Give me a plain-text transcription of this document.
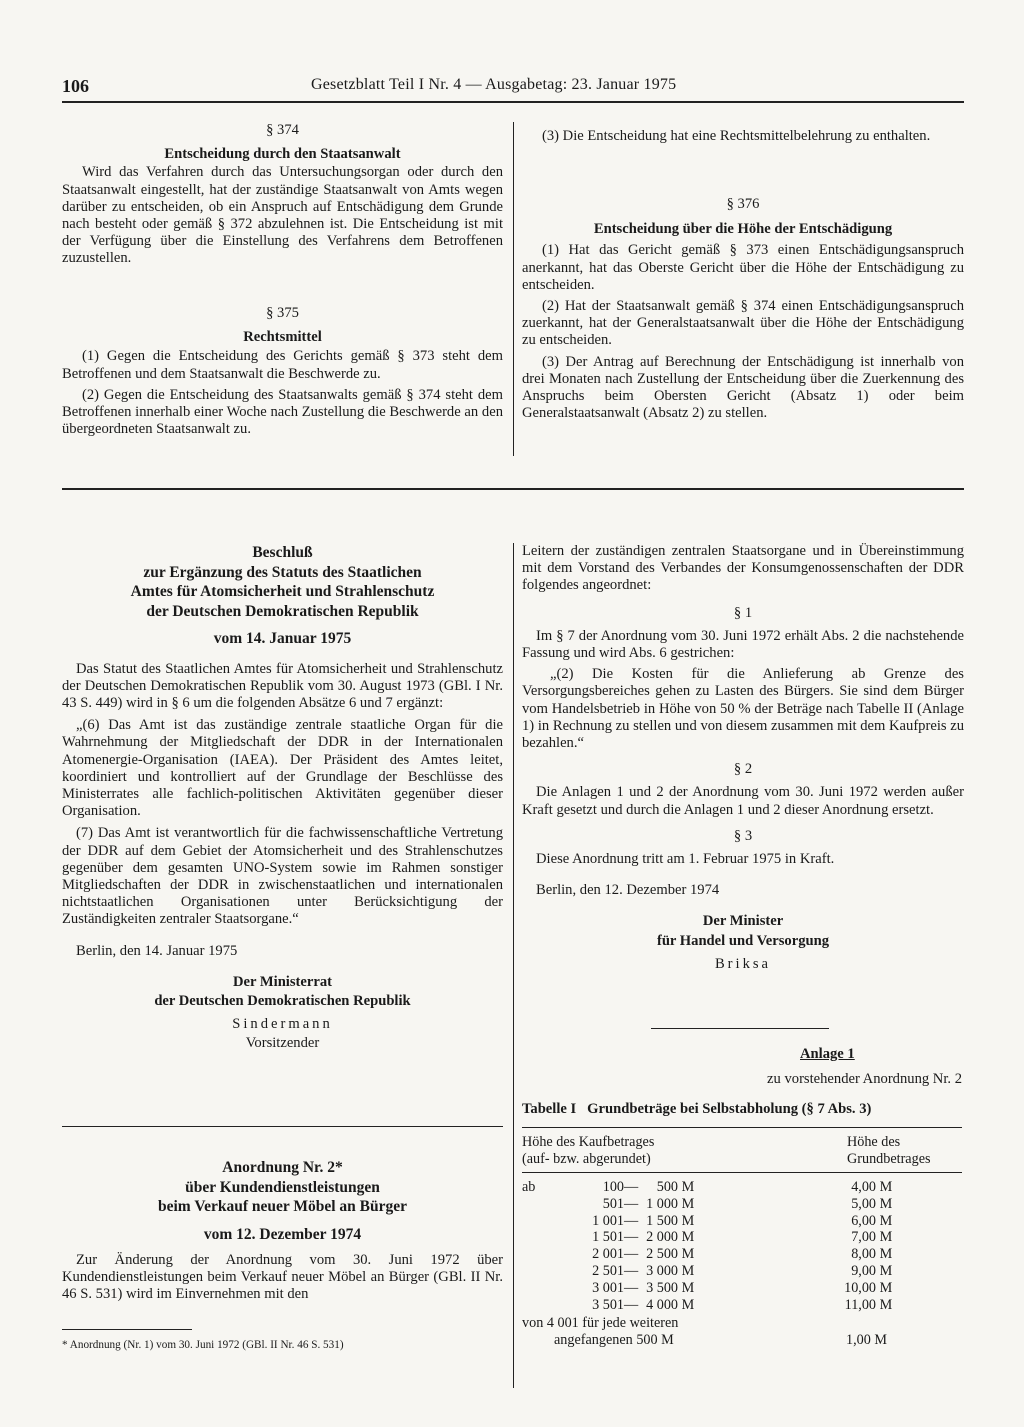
106	Gesetzblatt Teil I Nr. 4 — Ausgabetag: 23. Januar 1975

§ 374

Entscheidung durch den Staatsanwalt

Wird das Verfahren durch das Untersuchungsorgan oder durch den Staatsanwalt eingestellt, hat der zuständige Staatsanwalt von Amts wegen darüber zu entscheiden, ob ein Anspruch auf Entschädigung dem Grunde nach besteht oder gemäß § 372 abzulehnen ist. Die Entscheidung ist mit der Verfügung über die Einstellung des Verfahrens dem Betroffenen zuzustellen.

§ 375

Rechtsmittel

(1) Gegen die Entscheidung des Gerichts gemäß § 373 steht dem Betroffenen und dem Staatsanwalt die Beschwerde zu.

(2) Gegen die Entscheidung des Staatsanwalts gemäß § 374 steht dem Betroffenen innerhalb einer Woche nach Zustellung die Beschwerde an den übergeordneten Staatsanwalt zu.

(3) Die Entscheidung hat eine Rechtsmittelbelehrung zu enthalten.

§ 376

Entscheidung über die Höhe der Entschädigung

(1) Hat das Gericht gemäß § 373 einen Entschädigungsanspruch anerkannt, hat das Oberste Gericht über die Höhe der Entschädigung zu entscheiden.

(2) Hat der Staatsanwalt gemäß § 374 einen Entschädigungsanspruch zuerkannt, hat der Generalstaatsanwalt über die Höhe der Entschädigung zu entscheiden.

(3) Der Antrag auf Berechnung der Entschädigung ist innerhalb von drei Monaten nach Zustellung der Entscheidung über die Zuerkennung des Anspruchs beim Obersten Gericht (Absatz 1) oder beim Generalstaatsanwalt (Absatz 2) zu stellen.

Beschluß

zur Ergänzung des Statuts des Staatlichen

Amtes für Atomsicherheit und Strahlenschutz

der Deutschen Demokratischen Republik

vom 14. Januar 1975

Das Statut des Staatlichen Amtes für Atomsicherheit und Strahlenschutz der Deutschen Demokratischen Republik vom 30. August 1973 (GBl. I Nr. 43 S. 449) wird in § 6 um die folgenden Absätze 6 und 7 ergänzt:

„(6) Das Amt ist das zuständige zentrale staatliche Organ für die Wahrnehmung der Mitgliedschaft der DDR in der Internationalen Atomenergie-Organisation (IAEA). Der Präsident des Amtes leitet, koordiniert und kontrolliert auf der Grundlage der Beschlüsse des Ministerrates alle fachlich-politischen Aktivitäten gegenüber dieser Organisation.

(7) Das Amt ist verantwortlich für die fachwissenschaftliche Vertretung der DDR auf dem Gebiet der Atomsicherheit und des Strahlenschutzes gegenüber dem gesamten UNO-System sowie im Rahmen sonstiger Mitgliedschaften der DDR in zwischenstaatlichen und internationalen nichtstaatlichen Organisationen unter Berücksichtigung der Zuständigkeiten zentraler Staatsorgane.“

Berlin, den 14. Januar 1975

Der Ministerrat

der Deutschen Demokratischen Republik

Sindermann

Vorsitzender

Anordnung Nr. 2*

über Kundendienstleistungen

beim Verkauf neuer Möbel an Bürger

vom 12. Dezember 1974

Zur Änderung der Anordnung vom 30. Juni 1972 über Kundendienstleistungen beim Verkauf neuer Möbel an Bürger (GBl. II Nr. 46 S. 531) wird im Einvernehmen mit den

* Anordnung (Nr. 1) vom 30. Juni 1972 (GBl. II Nr. 46 S. 531)

Leitern der zuständigen zentralen Staatsorgane und in Übereinstimmung mit dem Vorstand des Verbandes der Konsumgenossenschaften der DDR folgendes angeordnet:

§ 1

Im § 7 der Anordnung vom 30. Juni 1972 erhält Abs. 2 die nachstehende Fassung und wird Abs. 6 gestrichen:

„(2) Die Kosten für die Anlieferung ab Grenze des Versorgungsbereiches gehen zu Lasten des Bürgers. Sie sind dem Bürger vom Handelsbetrieb in Höhe von 50 % der Beträge nach Tabelle II (Anlage 1) in Rechnung zu stellen und von diesem zusammen mit dem Kaufpreis zu bezahlen.“

§ 2

Die Anlagen 1 und 2 der Anordnung vom 30. Juni 1972 werden außer Kraft gesetzt und durch die Anlagen 1 und 2 dieser Anordnung ersetzt.

§ 3

Diese Anordnung tritt am 1. Februar 1975 in Kraft.

Berlin, den 12. Dezember 1974

Der Minister

für Handel und Versorgung

Briksa

Anlage 1
zu vorstehender Anordnung Nr. 2
Tabelle I Grundbeträge bei Selbstabholung (§ 7 Abs. 3)
Höhe des Kaufbetrages
(auf- bzw. abgerundet)
Höhe des
Grundbetrages
ab	100	—	500 M	4,00 M
	501	—	1 000 M	5,00 M
	1 001	—	1 500 M	6,00 M
	1 501	—	2 000 M	7,00 M
	2 001	—	2 500 M	8,00 M
	2 501	—	3 000 M	9,00 M
	3 001	—	3 500 M	10,00 M
	3 501	—	4 000 M	11,00 M
von 4 001 für jede weiteren
angefangenen 500 M	1,00 M
